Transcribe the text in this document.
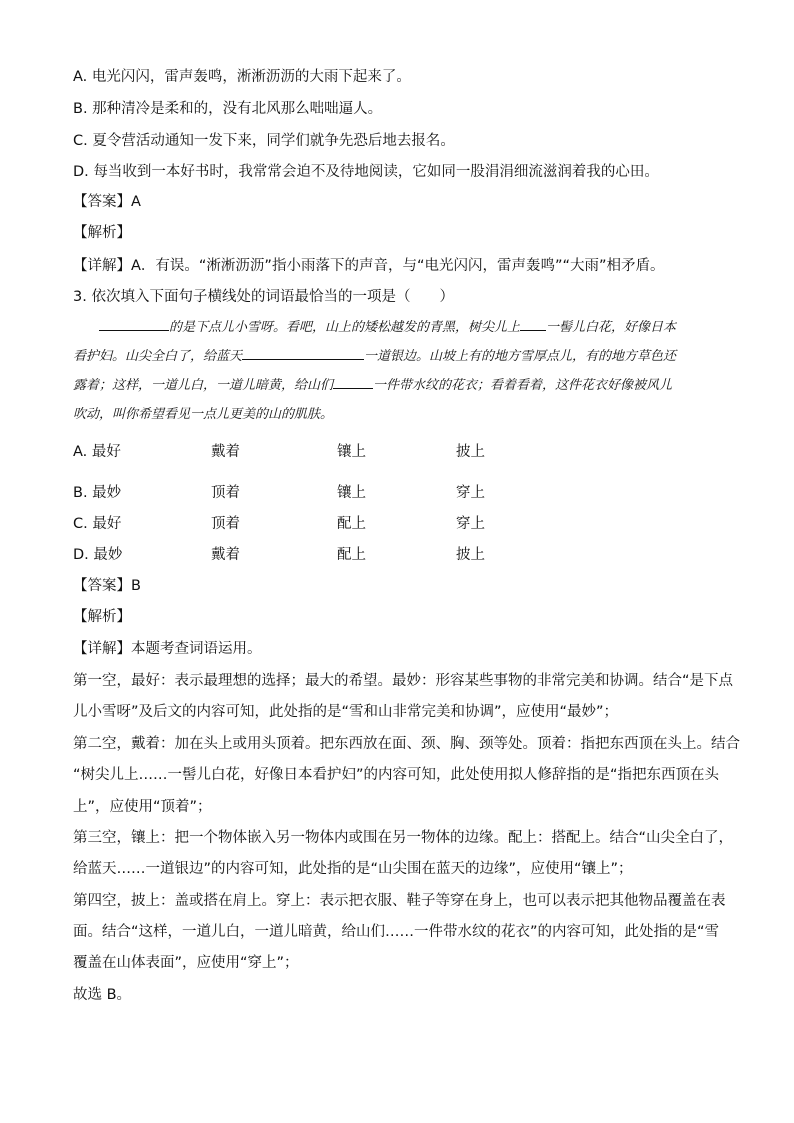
A. 电光闪闪，雷声轰鸣，淅淅沥沥的大雨下起来了。
B. 那种清冷是柔和的，没有北风那么咄咄逼人。
C. 夏令营活动通知一发下来，同学们就争先恐后地去报名。
D. 每当收到一本好书时，我常常会迫不及待地阅读，它如同一股涓涓细流滋润着我的心田。
【答案】A
【解析】
【详解】A．有误。“淅淅沥沥”指小雨落下的声音，与“电光闪闪，雷声轰鸣”“大雨”相矛盾。
3. 依次填入下面句子横线处的词语最恰当的一项是（　　）
的是下点儿小雪呀。看吧，山上的矮松越发的青黑，树尖儿上 一髻儿白花，好像日本
看护妇。山尖全白了，给蓝天	一道银边。山坡上有的地方雪厚点儿，有的地方草色还
露着；这样，一道儿白，一道儿暗黄，给山们	一件带水纹的花衣；看着看着，这件花衣好像被风儿
吹动，叫你希望看见一点儿更美的山的肌肤。
A. 最好	戴着	镶上	披上
B. 最妙	顶着	镶上	穿上
C. 最好	顶着	配上	穿上
D. 最妙	戴着	配上	披上
【答案】B
【解析】
【详解】本题考查词语运用。
第一空，最好：表示最理想的选择；最大的希望。最妙：形容某些事物的非常完美和协调。结合“是下点
儿小雪呀”及后文的内容可知，此处指的是“雪和山非常完美和协调”，应使用“最妙”；
第二空，戴着：加在头上或用头顶着。把东西放在面、颈、胸、颈等处。顶着：指把东西顶在头上。结合
“树尖儿上……一髻儿白花，好像日本看护妇”的内容可知，此处使用拟人修辞指的是“指把东西顶在头
上”，应使用“顶着”；
第三空，镶上：把一个物体嵌入另一物体内或围在另一物体的边缘。配上：搭配上。结合“山尖全白了，
给蓝天……一道银边”的内容可知，此处指的是“山尖围在蓝天的边缘”，应使用“镶上”；
第四空，披上：盖或搭在肩上。穿上：表示把衣服、鞋子等穿在身上，也可以表示把其他物品覆盖在表
面。结合“这样，一道儿白，一道儿暗黄，给山们……一件带水纹的花衣”的内容可知，此处指的是“雪
覆盖在山体表面”，应使用“穿上”；
故选 B。
